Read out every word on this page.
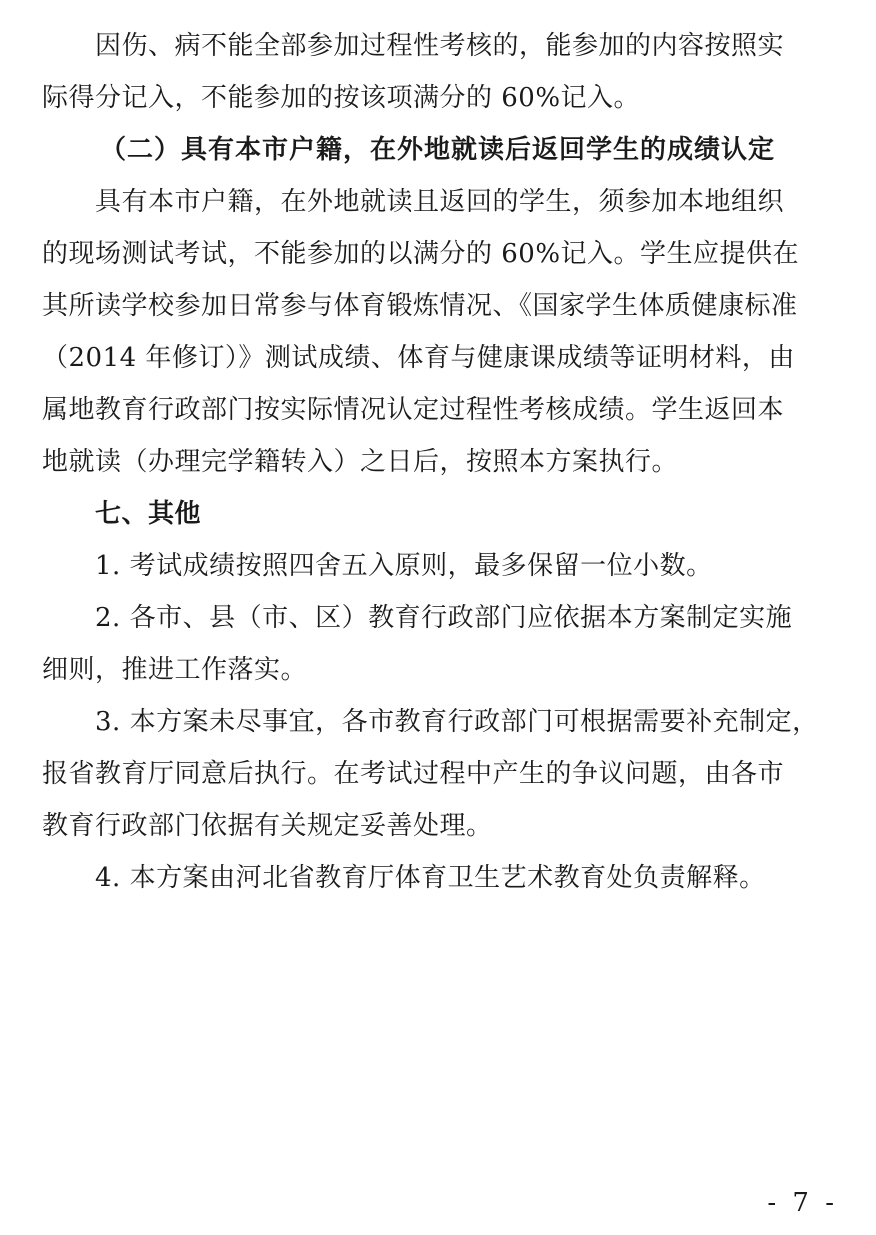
因伤、病不能全部参加过程性考核的，能参加的内容按照实
际得分记入，不能参加的按该项满分的 60%记入。
（二）具有本市户籍，在外地就读后返回学生的成绩认定
具有本市户籍，在外地就读且返回的学生，须参加本地组织
的现场测试考试，不能参加的以满分的 60%记入。学生应提供在
其所读学校参加日常参与体育锻炼情况、《国家学生体质健康标准
（2014 年修订）》测试成绩、体育与健康课成绩等证明材料，由
属地教育行政部门按实际情况认定过程性考核成绩。学生返回本
地就读（办理完学籍转入）之日后，按照本方案执行。
七、其他
1. 考试成绩按照四舍五入原则，最多保留一位小数。
2. 各市、县（市、区）教育行政部门应依据本方案制定实施
细则，推进工作落实。
3. 本方案未尽事宜，各市教育行政部门可根据需要补充制定，
报省教育厅同意后执行。在考试过程中产生的争议问题，由各市
教育行政部门依据有关规定妥善处理。
4. 本方案由河北省教育厅体育卫生艺术教育处负责解释。
- 7 -
